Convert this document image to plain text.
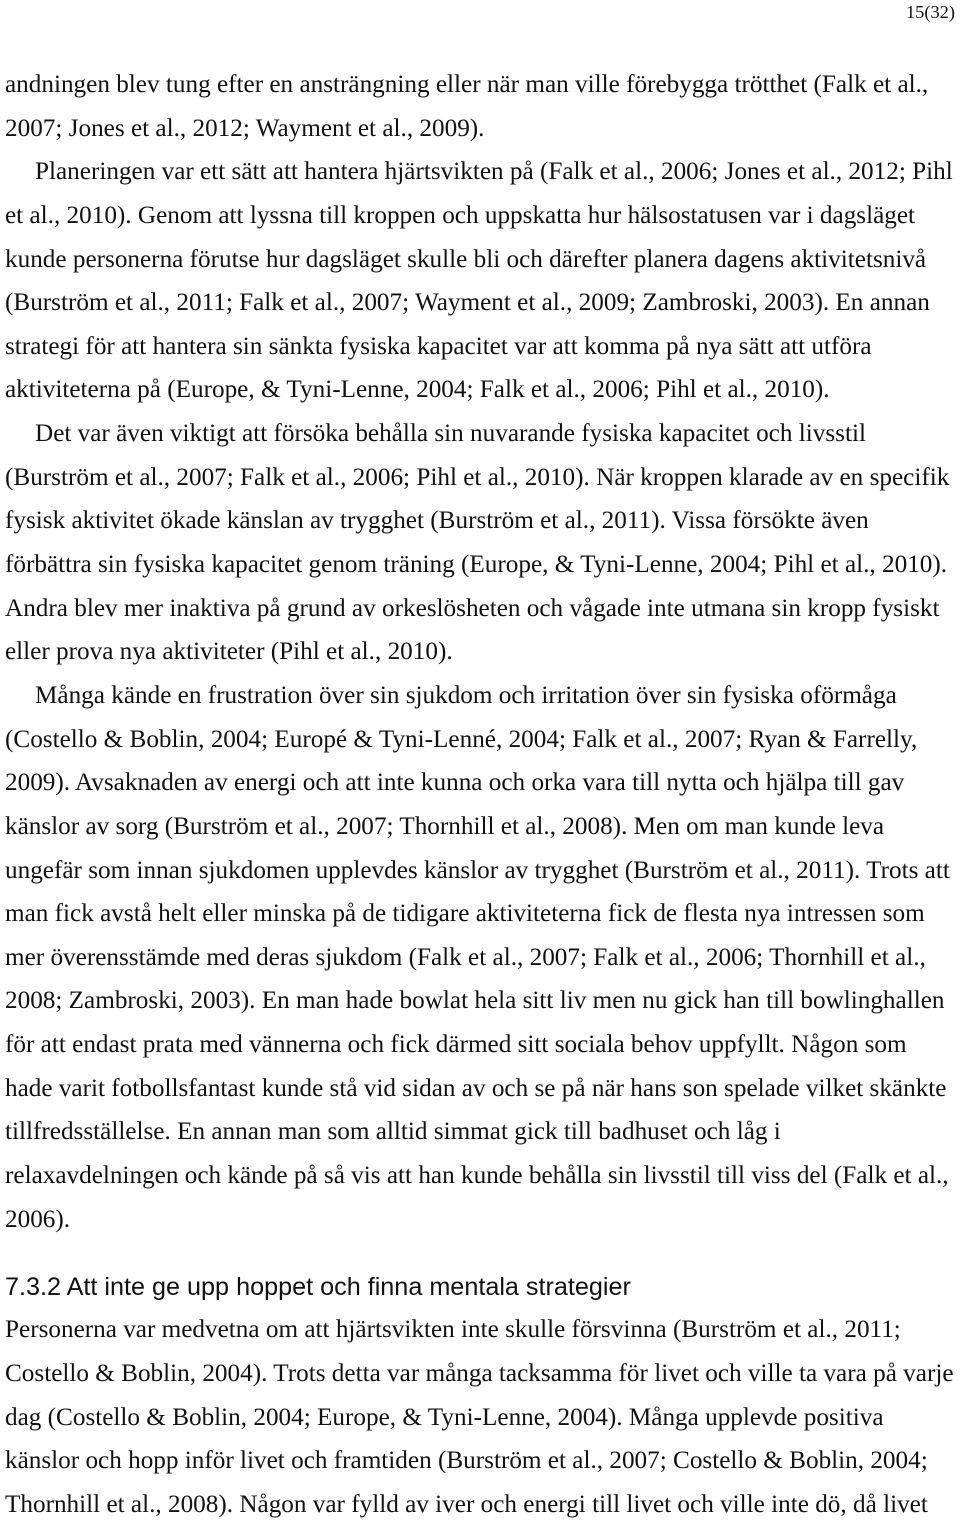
15(32)
andningen blev tung efter en ansträngning eller när man ville förebygga trötthet (Falk et al.,
2007; Jones et al., 2012; Wayment et al., 2009).
Planeringen var ett sätt att hantera hjärtsvikten på (Falk et al., 2006; Jones et al., 2012; Pihl
et al., 2010). Genom att lyssna till kroppen och uppskatta hur hälsostatusen var i dagsläget
kunde personerna förutse hur dagsläget skulle bli och därefter planera dagens aktivitetsnivå
(Burström et al., 2011; Falk et al., 2007; Wayment et al., 2009; Zambroski, 2003). En annan
strategi för att hantera sin sänkta fysiska kapacitet var att komma på nya sätt att utföra
aktiviteterna på (Europe, & Tyni-Lenne, 2004; Falk et al., 2006; Pihl et al., 2010).
Det var även viktigt att försöka behålla sin nuvarande fysiska kapacitet och livsstil
(Burström et al., 2007; Falk et al., 2006; Pihl et al., 2010). När kroppen klarade av en specifik
fysisk aktivitet ökade känslan av trygghet (Burström et al., 2011). Vissa försökte även
förbättra sin fysiska kapacitet genom träning (Europe, & Tyni-Lenne, 2004; Pihl et al., 2010).
Andra blev mer inaktiva på grund av orkeslösheten och vågade inte utmana sin kropp fysiskt
eller prova nya aktiviteter (Pihl et al., 2010).
Många kände en frustration över sin sjukdom och irritation över sin fysiska oförmåga
(Costello & Boblin, 2004; Europé & Tyni-Lenné, 2004; Falk et al., 2007; Ryan & Farrelly,
2009). Avsaknaden av energi och att inte kunna och orka vara till nytta och hjälpa till gav
känslor av sorg (Burström et al., 2007; Thornhill et al., 2008). Men om man kunde leva
ungefär som innan sjukdomen upplevdes känslor av trygghet (Burström et al., 2011). Trots att
man fick avstå helt eller minska på de tidigare aktiviteterna fick de flesta nya intressen som
mer överensstämde med deras sjukdom (Falk et al., 2007; Falk et al., 2006; Thornhill et al.,
2008; Zambroski, 2003). En man hade bowlat hela sitt liv men nu gick han till bowlinghallen
för att endast prata med vännerna och fick därmed sitt sociala behov uppfyllt. Någon som
hade varit fotbollsfantast kunde stå vid sidan av och se på när hans son spelade vilket skänkte
tillfredsställelse. En annan man som alltid simmat gick till badhuset och låg i
relaxavdelningen och kände på så vis att han kunde behålla sin livsstil till viss del (Falk et al.,
2006).
7.3.2 Att inte ge upp hoppet och finna mentala strategier
Personerna var medvetna om att hjärtsvikten inte skulle försvinna (Burström et al., 2011;
Costello & Boblin, 2004). Trots detta var många tacksamma för livet och ville ta vara på varje
dag (Costello & Boblin, 2004; Europe, & Tyni-Lenne, 2004). Många upplevde positiva
känslor och hopp inför livet och framtiden (Burström et al., 2007; Costello & Boblin, 2004;
Thornhill et al., 2008). Någon var fylld av iver och energi till livet och ville inte dö, då livet
